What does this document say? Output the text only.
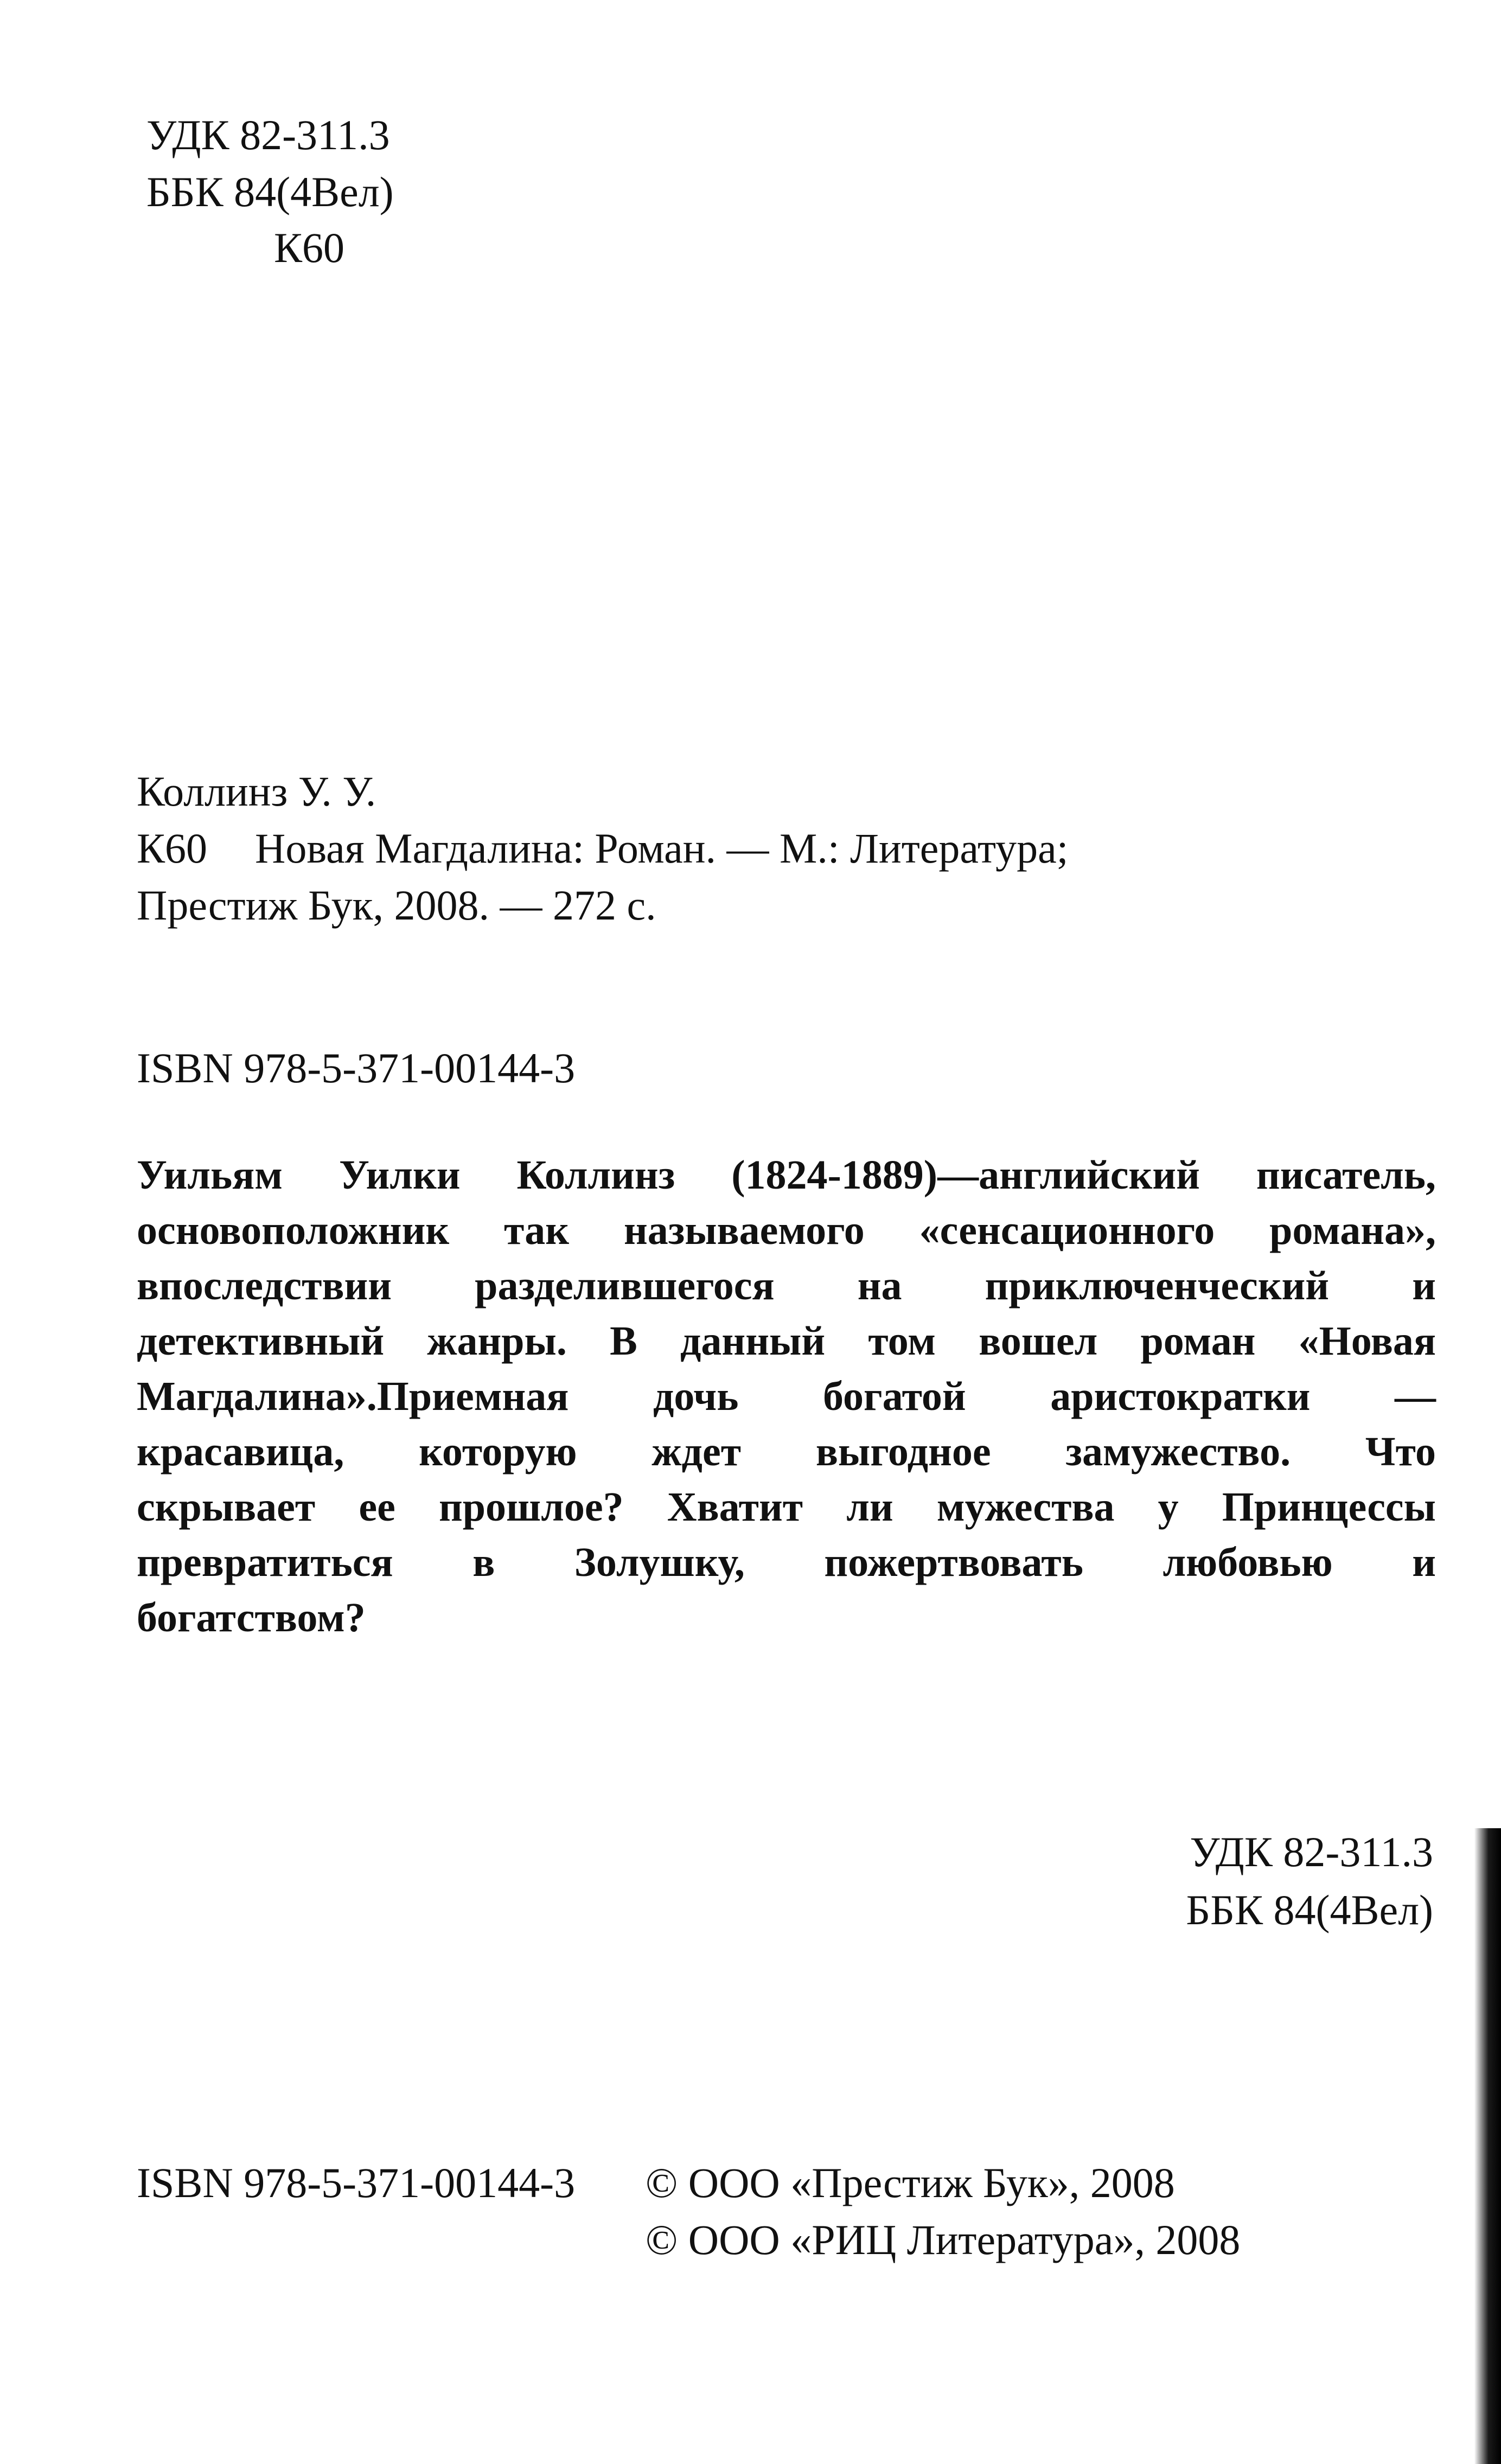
УДК 82-311.3
ББК 84(4Вел)
К60
Коллинз У. У.
К60 Новая Магдалина: Роман. — М.: Литература;
Престиж Бук, 2008. — 272 с.
ISBN 978-5-371-00144-3
Уильям Уилки Коллинз (1824-1889)—английский писатель,
основоположник так называемого «сенсационного романа»,
впоследствии разделившегося на приключенческий и
детективный жанры. В данный том вошел роман «Новая
Магдалина».Приемная дочь богатой аристократки —
красавица, которую ждет выгодное замужество. Что
скрывает ее прошлое? Хватит ли мужества у Принцессы
превратиться в Золушку, пожертвовать любовью и
богатством?
УДК 82-311.3
ББК 84(4Вел)
ISBN 978-5-371-00144-3 © ООО «Престиж Бук», 2008
© ООО «РИЦ Литература», 2008
